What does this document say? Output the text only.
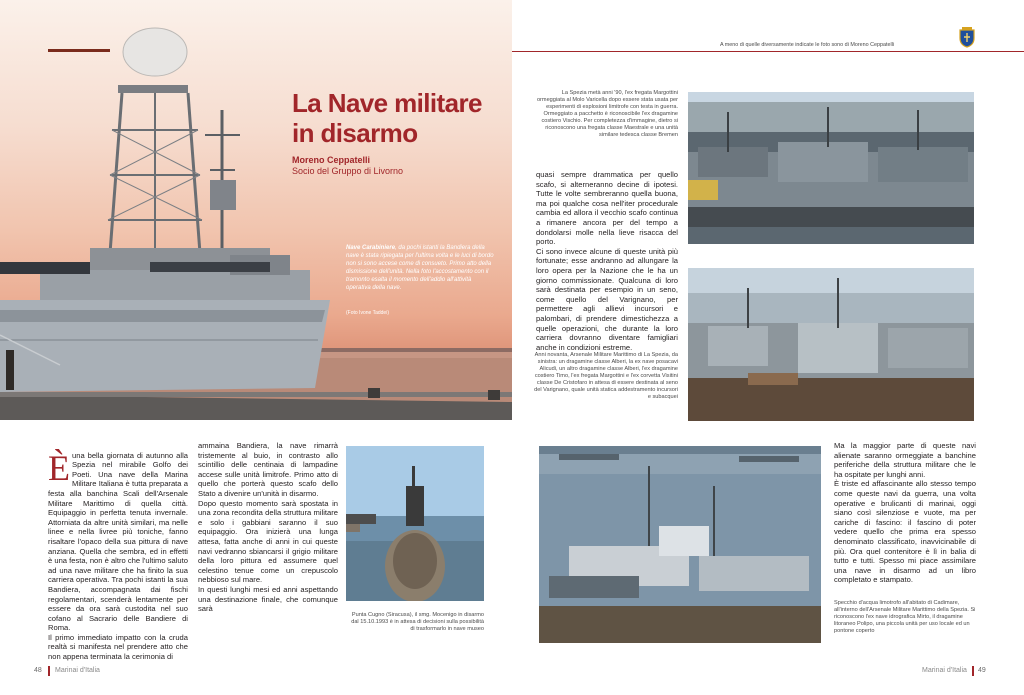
La Nave militare
in disarmo
Moreno Ceppatelli
Socio del Gruppo di Livorno
Nave Carabiniere, da pochi istanti la Bandiera della nave è stata ripiegata per l'ultima volta e le luci di bordo non si sono accese come di consueto. Primo atto della dismissione dell'unità. Nella foto l'accostamento con il tramonto esalta il momento dell'addio all'attività operativa della nave.
(Foto Ivone Taddei)

Èuna bella giornata di autunno alla Spezia nel mirabile Golfo dei Poeti. Una nave della Marina Militare Italiana è tutta preparata a festa alla banchina Scali dell'Arsenale Militare Marittimo di quella città. Equipaggio in perfetta tenuta invernale. Attorniata da altre unità similari, ma nelle linee e nella livree più toniche, fanno risaltare l'opaco della sua pittura di nave anziana. Quella che sembra, ed in effetti è una festa, non è altro che l'ultimo saluto ad una nave militare che ha finito la sua carriera operativa. Tra pochi istanti la sua Bandiera, accompagnata dai fischi regolamentari, scenderà lentamente per essere da ora sarà custodita nel suo cofano al Sacrario delle Bandiere di Roma.
Il primo immediato impatto con la cruda realtà si manifesta nel prendere atto che non appena terminata la cerimonia di

ammaina Bandiera, la nave rimarrà tristemente al buio, in contrasto allo scintillio delle centinaia di lampadine accese sulle unità limitrofe. Primo atto di quello che porterà questo scafo dello Stato a divenire un'unità in disarmo.
Dopo questo momento sarà spostata in una zona recondita della struttura militare e solo i gabbiani saranno il suo equipaggio. Ora inizierà una lunga attesa, fatta anche di anni in cui queste navi vedranno sbiancarsi il grigio militare della loro pittura ed assumere quel celestino tenue come un crepuscolo nebbioso sul mare.
In questi lunghi mesi ed anni aspettando una destinazione finale, che comunque sarà
Punta Cugno (Siracusa), il smg. Mocenigo in disarmo dal 15.10.1993 è in attesa di decisioni sulla possibilità di trasformarlo in nave museo
48 Marinai d'Italia
A meno di quelle diversamente indicate le foto sono di Moreno Ceppatelli
La Spezia metà anni '90, l'ex fregata Margottini ormeggiata al Molo Varicella dopo essere stata usata per esperimenti di esplosioni limitrofe con testa in guerra. Ormeggiato a pacchetto è riconoscibile l'ex dragamine costiero Vischio. Per completezza d'immagine, dietro si riconoscono una fregata classe Maestrale e una unità similare tedesca classe Bremen
quasi sempre drammatica per quello scafo, si alterneranno decine di ipotesi. Tutte le volte sembreranno quella buona, ma poi qualche cosa nell'iter procedurale cambia ed allora il vecchio scafo continua a rimanere ancora per del tempo a dondolarsi molle nella lieve risacca del porto.
Ci sono invece alcune di queste unità più fortunate; esse andranno ad allungare la loro opera per la Nazione che le ha un giorno commissionate. Qualcuna di loro sarà destinata per esempio in un seno, come quello del Varignano, per permettere agli allievi incursori e palombari, di prendere dimestichezza a quelle operazioni, che durante la loro carriera dovranno diventare famigliari anche in condizioni estreme.
Anni novanta, Arsenale Militare Marittimo di La Spezia, da sinistra: un dragamine classe Alberi, la ex nave posacavi Alicudi, un altro dragamine classe Alberi, l'ex dragamine costiero Timo, l'ex fregata Margottini e l'ex corvetta Visitini classe De Cristofaro in attesa di essere destinata al seno del Varignano, quale unità statica addestramento incursori e subacquei
Ma la maggior parte di queste navi alienate saranno ormeggiate a banchine periferiche della struttura militare che le ha ospitate per lunghi anni.
È triste ed affascinante allo stesso tempo come queste navi da guerra, una volta operative e brulicanti di marinai, oggi siano così silenziose e vuote, ma per cariche di fascino: il fascino di poter vedere quello che prima era spesso denominato classificato, inavvicinabile di più. Ora quel contenitore è lì in balia di tutto e tutti. Spesso mi piace assimilare una nave in disarmo ad un libro completato e stampato.
Specchio d'acqua limotrofo all'abitato di Cadimare, all'interno dell'Arsenale Militare Marittimo della Spezia. Si riconoscono l'ex nave idrografica Mirto, il dragamine litoraneo Polipo, una piccola unità per uso locale ed un pontone coperto
Marinai d'Italia 49
